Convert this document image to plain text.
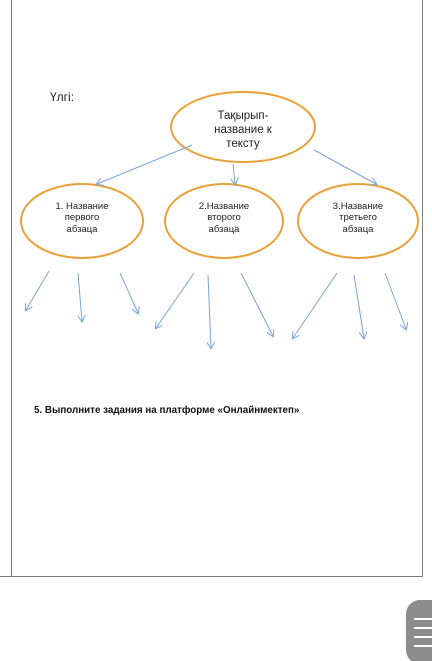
Үлгі:
Тақырып-
название к
тексту
1. Название
первого
абзаца
2.Название
второго
абзаца
3.Название
третьего
абзаца
5. Выполните задания на платформе «Онлайнмектеп»
